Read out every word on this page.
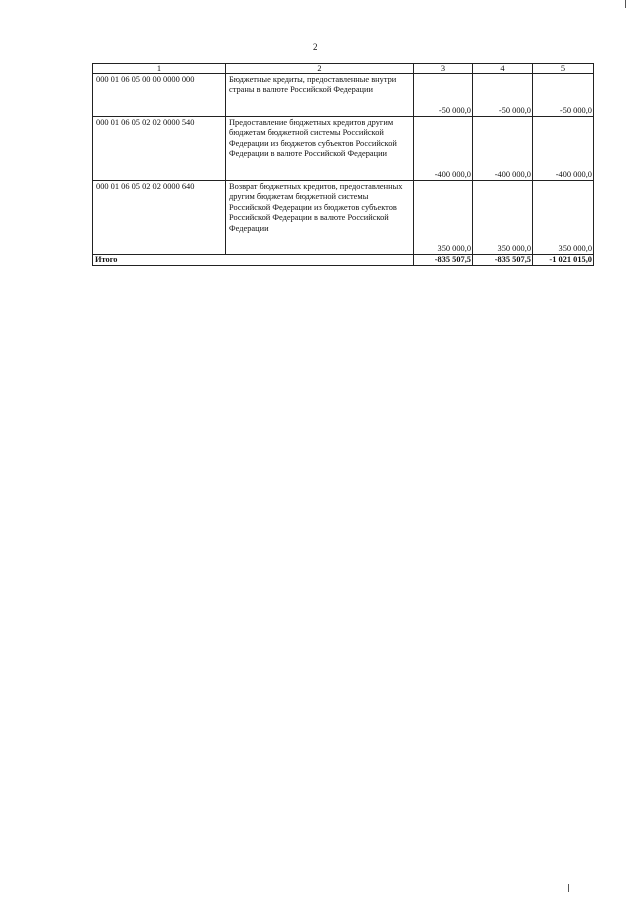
2
1	2	3	4	5
000 01 06 05 00 00 0000 000	Бюджетные кредиты, предоставленные внутри страны в валюте Российской Федерации	-50 000,0	-50 000,0	-50 000,0
000 01 06 05 02 02 0000 540	Предоставление бюджетных кредитов другим бюджетам бюджетной системы Российской Федерации из бюджетов субъектов Российской Федерации в валюте Российской Федерации	-400 000,0	-400 000,0	-400 000,0
000 01 06 05 02 02 0000 640	Возврат бюджетных кредитов, предоставленных другим бюджетам бюджетной системы Российской Федерации из бюджетов субъектов Российской Федерации в валюте Российской Федерации	350 000,0	350 000,0	350 000,0
Итого		-835 507,5	-835 507,5	-1 021 015,0
